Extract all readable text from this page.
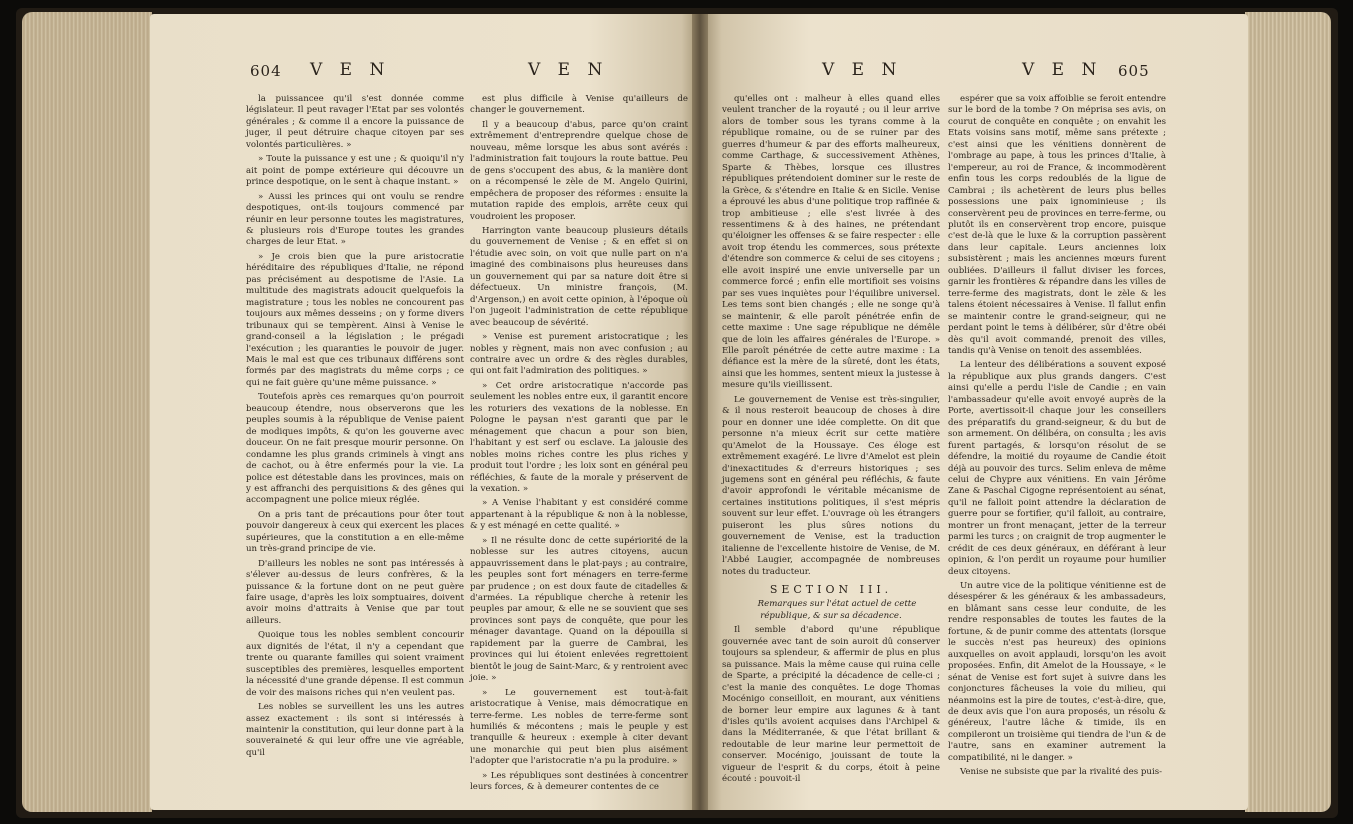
604 V E N	V E N

la puissancee qu'il s'est donnée comme législateur. Il peut ravager l'Etat par ses volontés générales ; & comme il a encore la puissance de juger, il peut détruire chaque citoyen par ses volontés particulières. »

» Toute la puissance y est une ; & quoiqu'il n'y ait point de pompe extérieure qui découvre un prince despotique, on le sent à chaque instant. »

» Aussi les princes qui ont voulu se rendre despotiques, ont-ils toujours commencé par réunir en leur personne toutes les magistratures, & plusieurs rois d'Europe toutes les grandes charges de leur Etat. »

» Je crois bien que la pure aristocratie héréditaire des républiques d'Italie, ne répond pas précisément au despotisme de l'Asie. La multitude des magistrats adoucit quelquefois la magistrature ; tous les nobles ne concourent pas toujours aux mêmes desseins ; on y forme divers tribunaux qui se tempèrent. Ainsi à Venise le grand-conseil a la législation ; le prégadi l'exécution ; les quaranties le pouvoir de juger. Mais le mal est que ces tribunaux différens sont formés par des magistrats du même corps ; ce qui ne fait guère qu'une même puissance. »

Toutefois après ces remarques qu'on pourroit beaucoup étendre, nous observerons que les peuples soumis à la république de Venise paient de modiques impôts, & qu'on les gouverne avec douceur. On ne fait presque mourir personne. On condamne les plus grands criminels à vingt ans de cachot, ou à être enfermés pour la vie. La police est détestable dans les provinces, mais on y est affranchi des perquisitions & des gênes qui accompagnent une police mieux réglée.

On a pris tant de précautions pour ôter tout pouvoir dangereux à ceux qui exercent les places supérieures, que la constitution a en elle-même un très-grand principe de vie.

D'ailleurs les nobles ne sont pas intéressés à s'élever au-dessus de leurs confrères, & la puissance & la fortune dont on ne peut guère faire usage, d'après les loix somptuaires, doivent avoir moins d'attraits à Venise que par tout ailleurs.

Quoique tous les nobles semblent concourir aux dignités de l'état, il n'y a cependant que trente ou quarante familles qui soient vraiment susceptibles des premières, lesquelles emportent la nécessité d'une grande dépense. Il est commun de voir des maisons riches qui n'en veulent pas.

Les nobles se surveillent les uns les autres assez exactement : ils sont si intéressés à maintenir la constitution, qui leur donne part à la souveraineté & qui leur offre une vie agréable, qu'il

est plus difficile à Venise qu'ailleurs de changer le gouvernement.

Il y a beaucoup d'abus, parce qu'on craint extrêmement d'entreprendre quelque chose de nouveau, même lorsque les abus sont avérés : l'administration fait toujours la route battue. Peu de gens s'occupent des abus, & la manière dont on a récompensé le zèle de M. Angelo Quirini, empêchera de proposer des réformes : ensuite la mutation rapide des emplois, arrête ceux qui voudroient les proposer.

Harrington vante beaucoup plusieurs détails du gouvernement de Venise ; & en effet si on l'étudie avec soin, on voit que nulle part on n'a imaginé des combinaisons plus heureuses dans un gouvernement qui par sa nature doit être si défectueux. Un ministre françois, (M. d'Argenson,) en avoit cette opinion, à l'époque où l'on jugeoit l'administration de cette république avec beaucoup de sévérité.

» Venise est purement aristocratique ; les nobles y règnent, mais non avec confusion ; au contraire avec un ordre & des règles durables, qui ont fait l'admiration des politiques. »

» Cet ordre aristocratique n'accorde pas seulement les nobles entre eux, il garantit encore les roturiers des vexations de la noblesse. En Pologne le paysan n'est garanti que par le ménagement que chacun a pour son bien, l'habitant y est serf ou esclave. La jalousie des nobles moins riches contre les plus riches y produit tout l'ordre ; les loix sont en général peu réfléchies, & faute de la morale y préservent de la vexation. »

» A Venise l'habitant y est considéré comme appartenant à la république & non à la noblesse, & y est ménagé en cette qualité. »

» Il ne résulte donc de cette supériorité de la noblesse sur les autres citoyens, aucun appauvrissement dans le plat-pays ; au contraire, les peuples sont fort ménagers en terre-ferme par prudence ; on est doux faute de citadelles & d'armées. La république cherche à retenir les peuples par amour, & elle ne se souvient que ses provinces sont pays de conquête, que pour les ménager davantage. Quand on la dépouilla si rapidement par la guerre de Cambrai, les provinces qui lui étoient enlevées regrettoient bientôt le joug de Saint-Marc, & y rentroient avec joie. »

» Le gouvernement est tout-à-fait aristocratique à Venise, mais démocratique en terre-ferme. Les nobles de terre-ferme sont humiliés & mécontens ; mais le peuple y est tranquille & heureux : exemple à citer devant une monarchie qui peut bien plus aisément l'adopter que l'aristocratie n'a pu la produire. »

» Les républiques sont destinées à concentrer leurs forces, & à demeurer contentes de ce

V E N	V E N 605

qu'elles ont : malheur à elles quand elles veulent trancher de la royauté ; ou il leur arrive alors de tomber sous les tyrans comme à la république romaine, ou de se ruiner par des guerres d'humeur & par des efforts malheureux, comme Carthage, & successivement Athènes, Sparte & Thèbes, lorsque ces illustres républiques prétendoient dominer sur le reste de la Grèce, & s'étendre en Italie & en Sicile. Venise a éprouvé les abus d'une politique trop raffinée & trop ambitieuse ; elle s'est livrée à des ressentimens & à des haines, ne prétendant qu'éloigner les offenses & se faire respecter : elle avoit trop étendu les commerces, sous prétexte d'étendre son commerce & celui de ses citoyens ; elle avoit inspiré une envie universelle par un commerce forcé ; enfin elle mortifioit ses voisins par ses vues inquiètes pour l'équilibre universel. Les tems sont bien changés ; elle ne songe qu'à se maintenir, & elle paroît pénétrée enfin de cette maxime : Une sage république ne démêle que de loin les affaires générales de l'Europe. » Elle paroît pénétrée de cette autre maxime : La défiance est la mère de la sûreté, dont les états, ainsi que les hommes, sentent mieux la justesse à mesure qu'ils vieillissent.

Le gouvernement de Venise est très-singulier, & il nous resteroit beaucoup de choses à dire pour en donner une idée complette. On dit que personne n'a mieux écrit sur cette matière qu'Amelot de la Houssaye. Ces éloge est extrêmement exagéré. Le livre d'Amelot est plein d'inexactitudes & d'erreurs historiques ; ses jugemens sont en général peu réfléchis, & faute d'avoir approfondi le véritable mécanisme de certaines institutions politiques, il s'est mépris souvent sur leur effet. L'ouvrage où les étrangers puiseront les plus sûres notions du gouvernement de Venise, est la traduction italienne de l'excellente histoire de Venise, de M. l'Abbé Laugier, accompagnée de nombreuses notes du traducteur.

SECTION III.

Remarques sur l'état actuel de cette république, & sur sa décadence.

Il semble d'abord qu'une république gouvernée avec tant de soin auroit dû conserver toujours sa splendeur, & affermir de plus en plus sa puissance. Mais la même cause qui ruina celle de Sparte, a précipité la décadence de celle-ci ; c'est la manie des conquêtes. Le doge Thomas Mocénigo conseilloit, en mourant, aux vénitiens de borner leur empire aux lagunes & à tant d'isles qu'ils avoient acquises dans l'Archipel & dans la Méditerranée, & que l'état brillant & redoutable de leur marine leur permettoit de conserver. Mocénigo, jouissant de toute la vigueur de l'esprit & du corps, étoit à peine écouté : pouvoit-il

espérer que sa voix affoiblie se feroit entendre sur le bord de la tombe ? On méprisa ses avis, on courut de conquête en conquête ; on envahit les Etats voisins sans motif, même sans prétexte ; c'est ainsi que les vénitiens donnèrent de l'ombrage au pape, à tous les princes d'Italie, à l'empereur, au roi de France, & incommodèrent enfin tous les corps redoublés de la ligue de Cambrai ; ils achetèrent de leurs plus belles possessions une paix ignominieuse ; ils conservèrent peu de provinces en terre-ferme, ou plutôt ils en conservèrent trop encore, puisque c'est de-là que le luxe & la corruption passèrent dans leur capitale. Leurs anciennes loix subsistèrent ; mais les anciennes mœurs furent oubliées. D'ailleurs il fallut diviser les forces, garnir les frontières & répandre dans les villes de terre-ferme des magistrats, dont le zèle & les talens étoient nécessaires à Venise. Il fallut enfin se maintenir contre le grand-seigneur, qui ne perdant point le tems à délibérer, sûr d'être obéi dès qu'il avoit commandé, prenoit des villes, tandis qu'à Venise on tenoit des assemblées.

La lenteur des délibérations a souvent exposé la république aux plus grands dangers. C'est ainsi qu'elle a perdu l'isle de Candie ; en vain l'ambassadeur qu'elle avoit envoyé auprès de la Porte, avertissoit-il chaque jour les conseillers des préparatifs du grand-seigneur, & du but de son armement. On délibéra, on consulta ; les avis furent partagés, & lorsqu'on résolut de se défendre, la moitié du royaume de Candie étoit déjà au pouvoir des turcs. Selim enleva de même celui de Chypre aux vénitiens. En vain Jérôme Zane & Paschal Cigogne représentoient au sénat, qu'il ne falloit point attendre la déclaration de guerre pour se fortifier, qu'il falloit, au contraire, montrer un front menaçant, jetter de la terreur parmi les turcs ; on craignit de trop augmenter le crédit de ces deux généraux, en déférant à leur opinion, & l'on perdit un royaume pour humilier deux citoyens.

Un autre vice de la politique vénitienne est de désespérer & les généraux & les ambassadeurs, en blâmant sans cesse leur conduite, de les rendre responsables de toutes les fautes de la fortune, & de punir comme des attentats (lorsque le succès n'est pas heureux) des opinions auxquelles on avoit applaudi, lorsqu'on les avoit proposées. Enfin, dit Amelot de la Houssaye, « le sénat de Venise est fort sujet à suivre dans les conjonctures fâcheuses la voie du milieu, qui néanmoins est la pire de toutes, c'est-à-dire, que, de deux avis que l'on aura proposés, un résolu & généreux, l'autre lâche & timide, ils en compileront un troisième qui tiendra de l'un & de l'autre, sans en examiner autrement la compatibilité, ni le danger. »

Venise ne subsiste que par la rivalité des puis-
